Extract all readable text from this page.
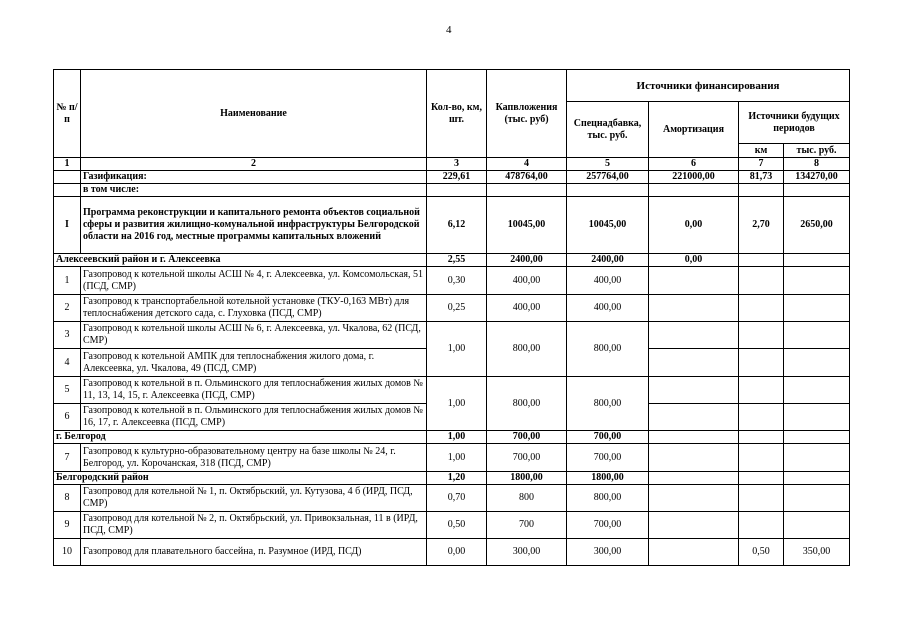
4
№ п/п	Наименование	Кол-во, км, шт.	Капвложения (тыс. руб)	Источники финансирования			
				Спецнадбавка, тыс. руб.	Амортизация	Источники будущих периодов	
						км	тыс. руб.
1	2	3	4	5	6	7	8
	Газификация:	229,61	478764,00	257764,00	221000,00	81,73	134270,00
	в том числе:						
I	Программа реконструкции и капитального ремонта объектов социальной сферы и развития жилищно-комунальной инфраструктуры Белгородской области на 2016 год, местные программы капитальных вложений	6,12	10045,00	10045,00	0,00	2,70	2650,00
Алексеевский район и г. Алексеевка		2,55	2400,00	2400,00	0,00		
1	Газопровод к котельной школы АСШ № 4, г. Алексеевка, ул. Комсомольская, 51 (ПСД, СМР)	0,30	400,00	400,00			
2	Газопровод к транспортабельной котельной установке (ТКУ-0,163 МВт) для теплоснабжения детского сада, с. Глуховка (ПСД, СМР)	0,25	400,00	400,00			
3	Газопровод к котельной школы АСШ № 6, г. Алексеевка, ул. Чкалова, 62 (ПСД, СМР)	1,00	800,00	800,00			
4	Газопровод к котельной АМПК для теплоснабжения жилого дома, г. Алексеевка, ул. Чкалова, 49 (ПСД, СМР)						
5	Газопровод к котельной в п. Ольминского для теплоснабжения жилых домов № 11, 13, 14, 15, г. Алексеевка (ПСД, СМР)	1,00	800,00	800,00			
6	Газопровод к котельной в п. Ольминского для теплоснабжения жилых домов № 16, 17, г. Алексеевка (ПСД, СМР)						
г. Белгород		1,00	700,00	700,00			
7	Газопровод к культурно-образовательному центру на базе школы № 24, г. Белгород, ул. Корочанская, 318 (ПСД, СМР)	1,00	700,00	700,00			
Белгородский район		1,20	1800,00	1800,00			
8	Газопровод для котельной № 1, п. Октябрьский, ул. Кутузова, 4 б (ИРД, ПСД, СМР)	0,70	800	800,00			
9	Газопровод для котельной № 2, п. Октябрьский, ул. Привокзальная, 11 в (ИРД, ПСД, СМР)	0,50	700	700,00			
10	Газопровод для плавательного бассейна, п. Разумное (ИРД, ПСД)	0,00	300,00	300,00		0,50	350,00
